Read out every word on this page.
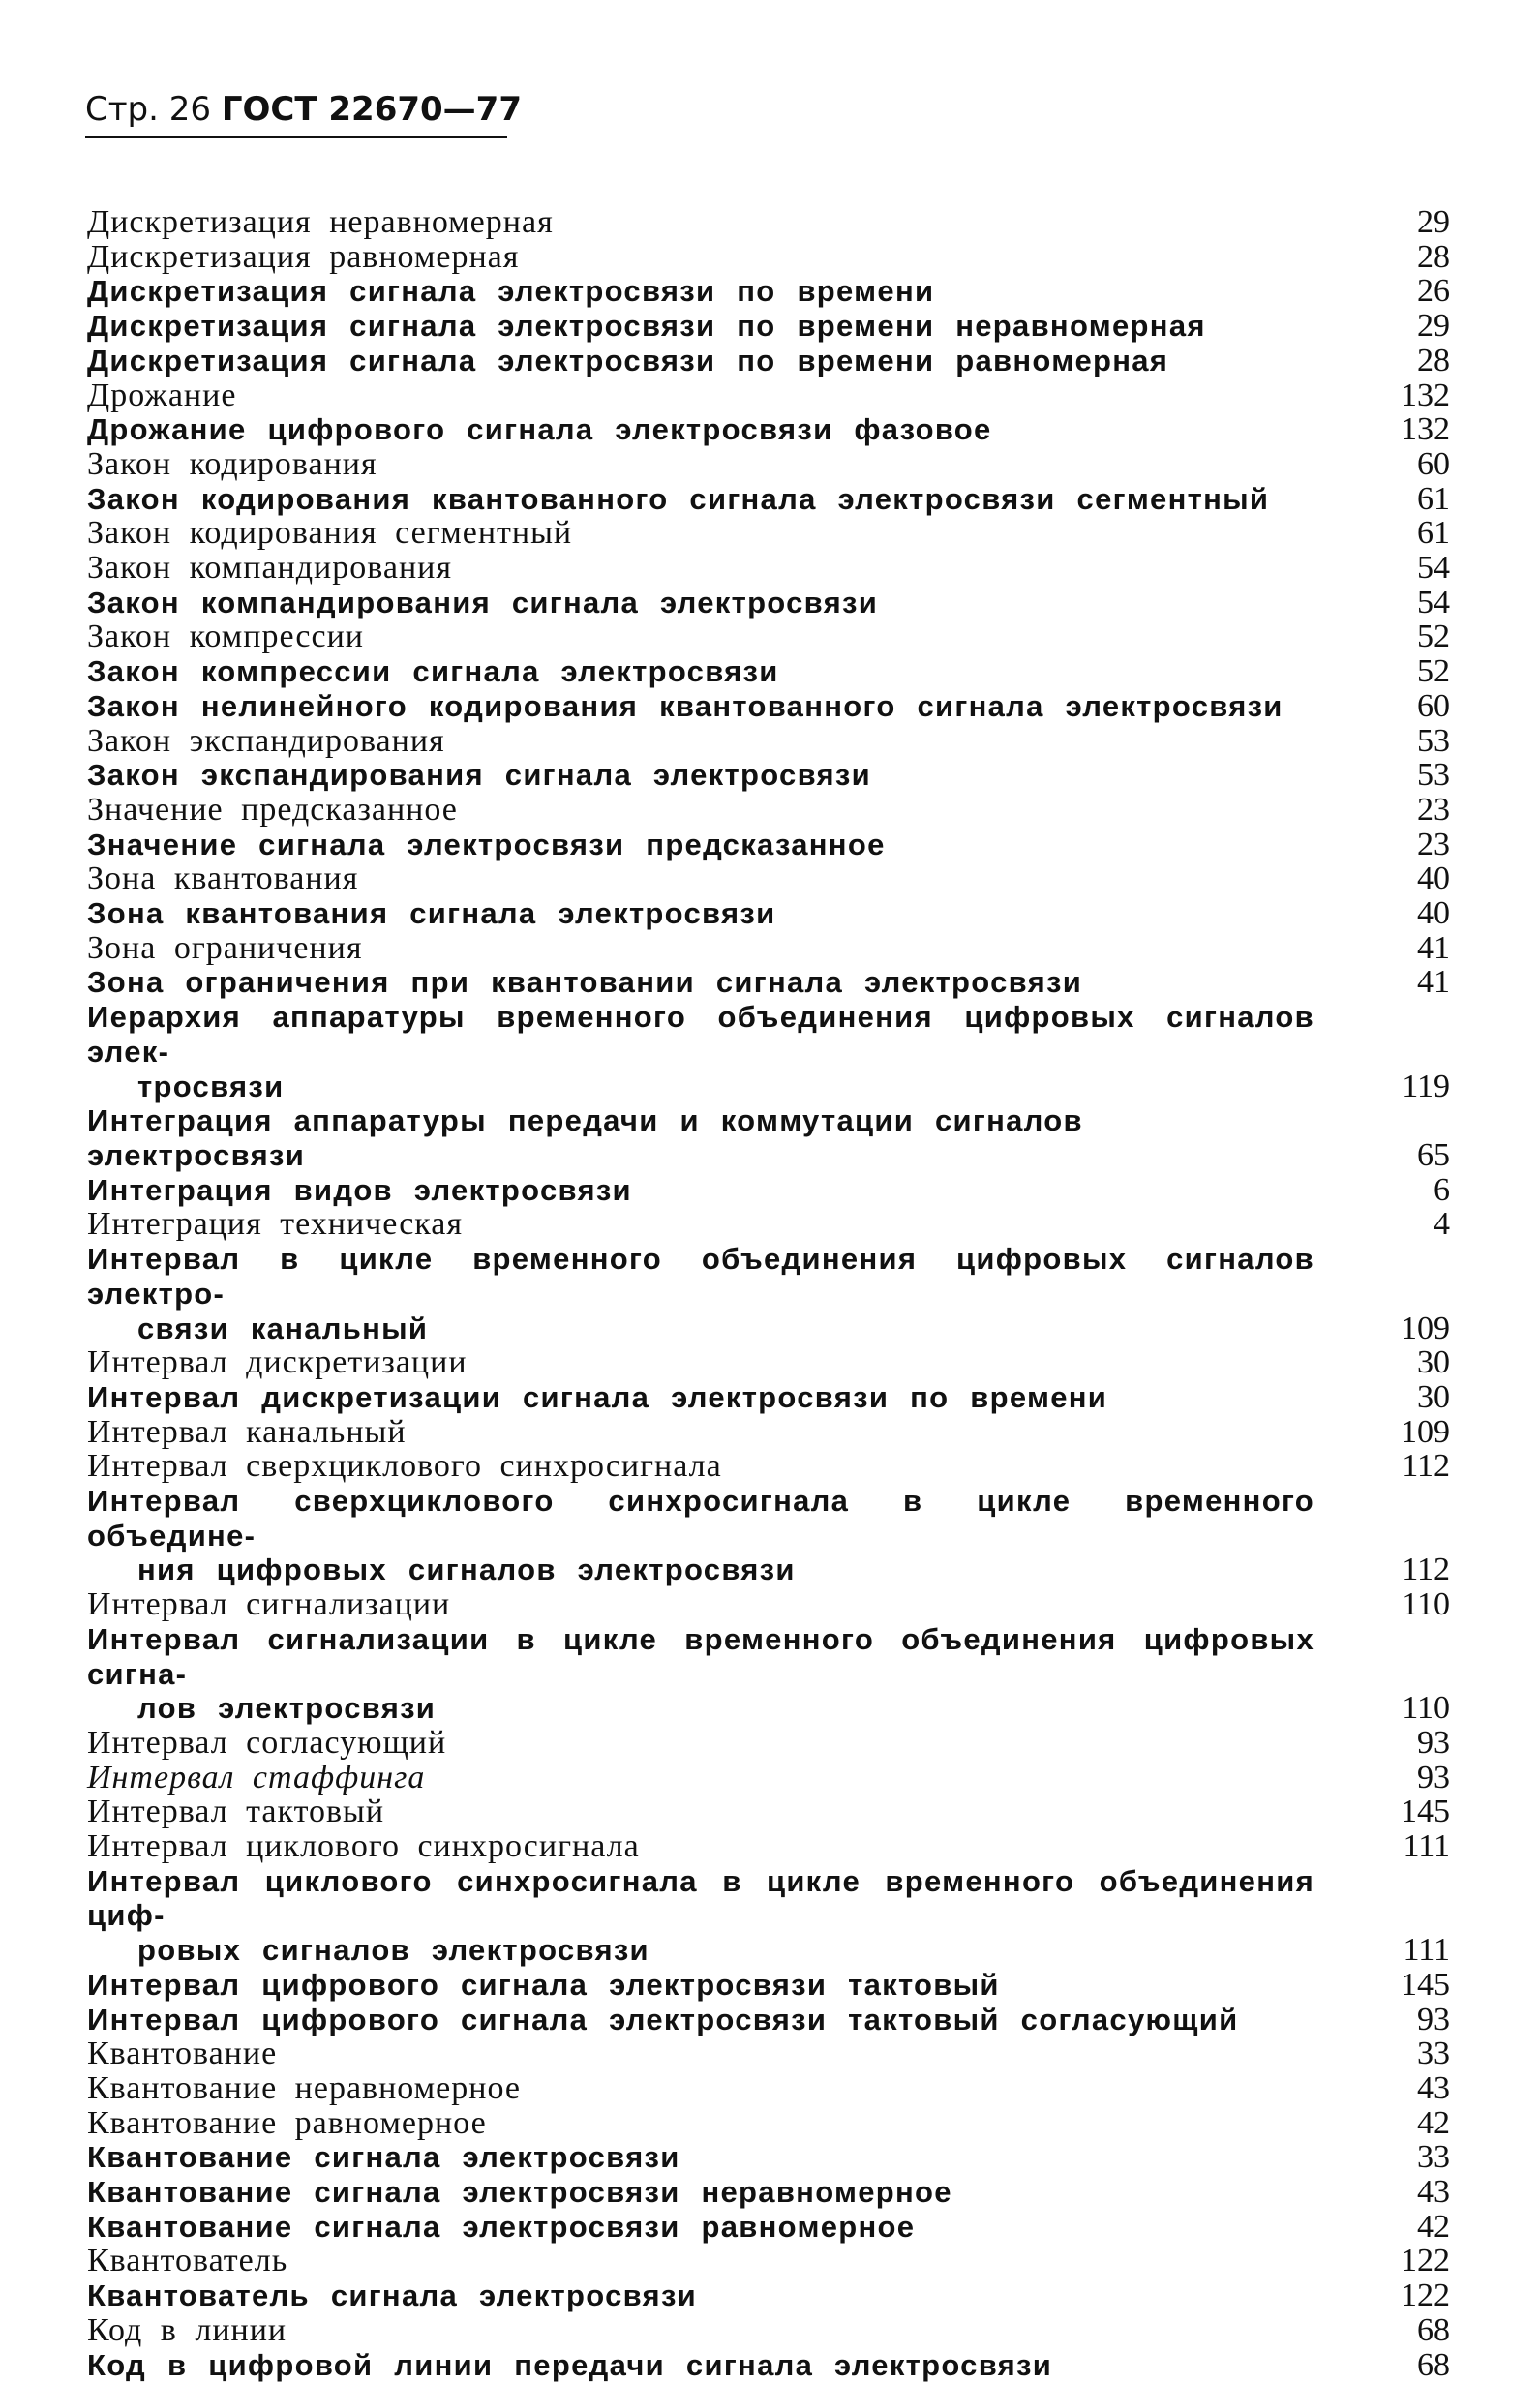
Стр. 26 ГОСТ 22670—77
Дискретизация неравномерная	29
Дискретизация равномерная	28
Дискретизация сигнала электросвязи по времени	26
Дискретизация сигнала электросвязи по времени неравномерная	29
Дискретизация сигнала электросвязи по времени равномерная	28
Дрожание	132
Дрожание цифрового сигнала электросвязи фазовое	132
Закон кодирования	60
Закон кодирования квантованного сигнала электросвязи сегментный	61
Закон кодирования сегментный	61
Закон компандирования	54
Закон компандирования сигнала электросвязи	54
Закон компрессии	52
Закон компрессии сигнала электросвязи	52
Закон нелинейного кодирования квантованного сигнала электросвязи	60
Закон экспандирования	53
Закон экспандирования сигнала электросвязи	53
Значение предсказанное	23
Значение сигнала электросвязи предсказанное	23
Зона квантования	40
Зона квантования сигнала электросвязи	40
Зона ограничения	41
Зона ограничения при квантовании сигнала электросвязи	41
Иерархия аппаратуры временного объединения цифровых сигналов элек-
тросвязи	119
Интеграция аппаратуры передачи и коммутации сигналов электросвязи	65
Интеграция видов электросвязи	6
Интеграция техническая	4
Интервал в цикле временного объединения цифровых сигналов электро-
связи канальный	109
Интервал дискретизации	30
Интервал дискретизации сигнала электросвязи по времени	30
Интервал канальный	109
Интервал сверхциклового синхросигнала	112
Интервал сверхциклового синхросигнала в цикле временного объедине-
ния цифровых сигналов электросвязи	112
Интервал сигнализации	110
Интервал сигнализации в цикле временного объединения цифровых сигна-
лов электросвязи	110
Интервал согласующий	93
Интервал стаффинга	93
Интервал тактовый	145
Интервал циклового синхросигнала	111
Интервал циклового синхросигнала в цикле временного объединения циф-
ровых сигналов электросвязи	111
Интервал цифрового сигнала электросвязи тактовый	145
Интервал цифрового сигнала электросвязи тактовый согласующий	93
Квантование	33
Квантование неравномерное	43
Квантование равномерное	42
Квантование сигнала электросвязи	33
Квантование сигнала электросвязи неравномерное	43
Квантование сигнала электросвязи равномерное	42
Квантователь	122
Квантователь сигнала электросвязи	122
Код в линии	68
Код в цифровой линии передачи сигнала электросвязи	68
